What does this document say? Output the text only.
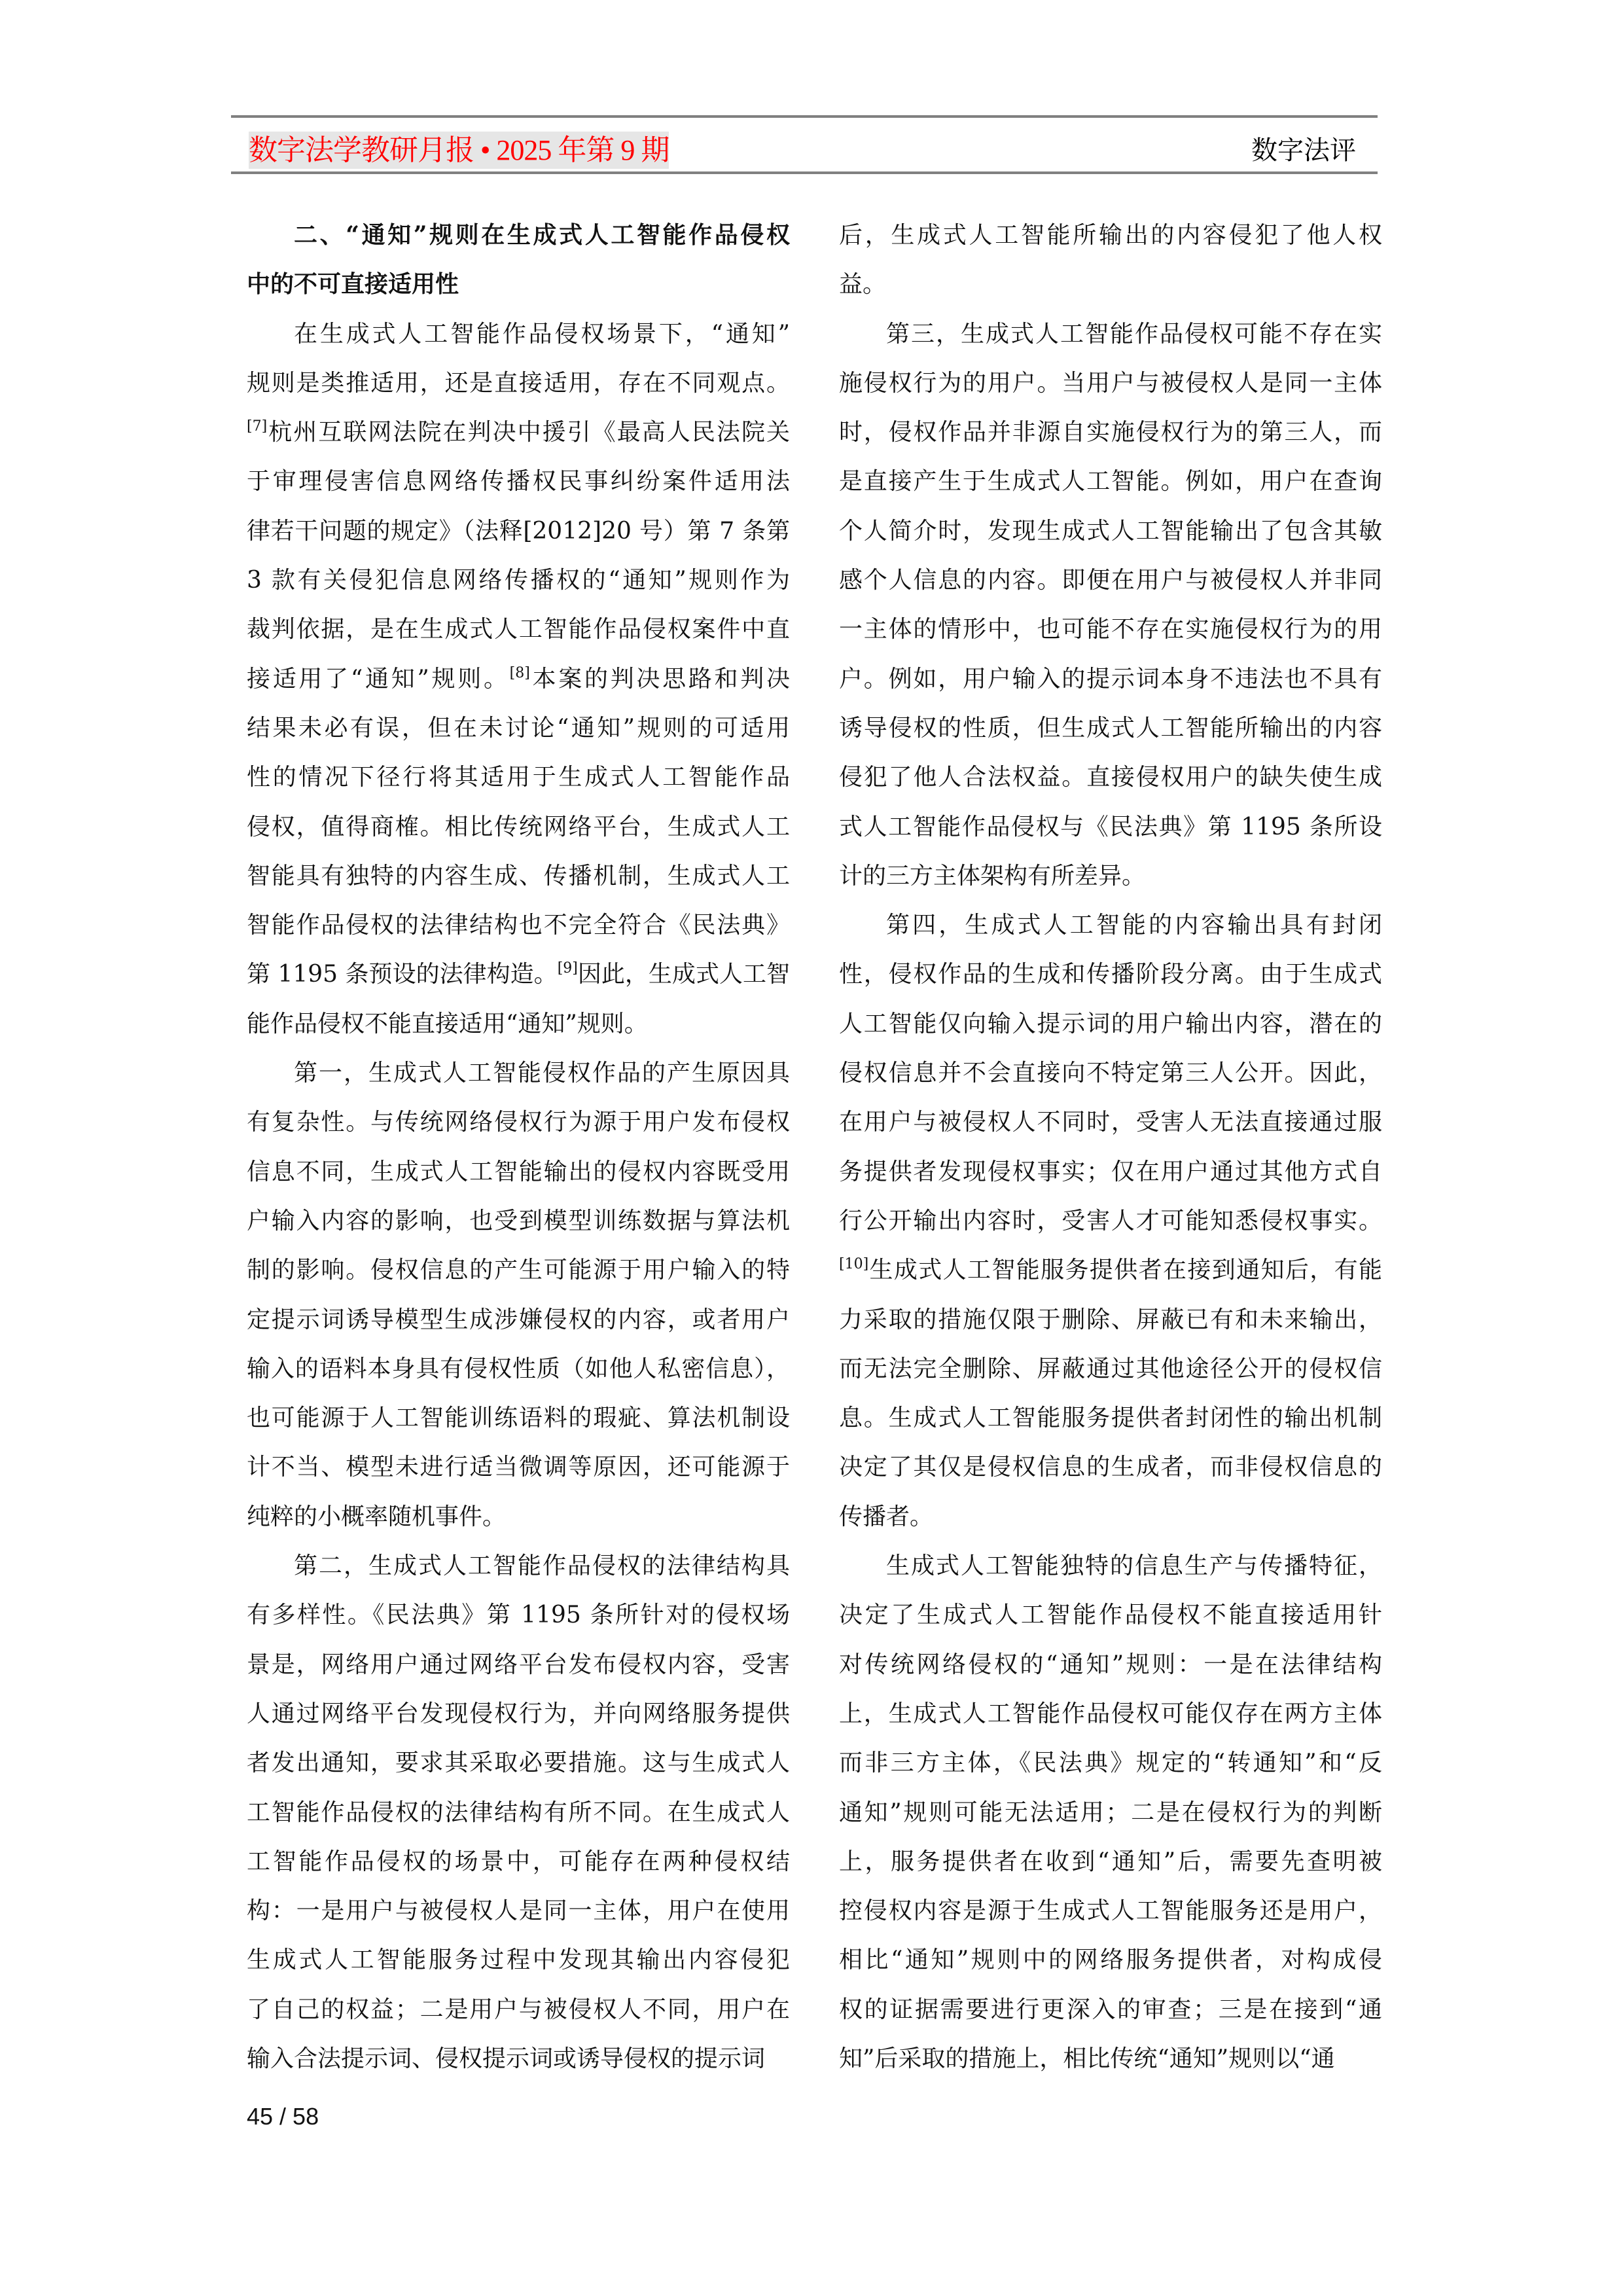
数字法学教研月报 • 2025 年第 9 期	数字法评
二、“通知”规则在生成式人工智能作品侵权
中的不可直接适用性
在生成式人工智能作品侵权场景下，“通知”
规则是类推适用，还是直接适用，存在不同观点。
[7]杭州互联网法院在判决中援引《最高人民法院关
于审理侵害信息网络传播权民事纠纷案件适用法
律若干问题的规定》（法释[2012]20 号）第 7 条第
3 款有关侵犯信息网络传播权的“通知”规则作为
裁判依据，是在生成式人工智能作品侵权案件中直
接适用了“通知”规则。[8]本案的判决思路和判决
结果未必有误，但在未讨论“通知”规则的可适用
性的情况下径行将其适用于生成式人工智能作品
侵权，值得商榷。相比传统网络平台，生成式人工
智能具有独特的内容生成、传播机制，生成式人工
智能作品侵权的法律结构也不完全符合《民法典》
第 1195 条预设的法律构造。[9]因此，生成式人工智
能作品侵权不能直接适用“通知”规则。
第一，生成式人工智能侵权作品的产生原因具
有复杂性。与传统网络侵权行为源于用户发布侵权
信息不同，生成式人工智能输出的侵权内容既受用
户输入内容的影响，也受到模型训练数据与算法机
制的影响。侵权信息的产生可能源于用户输入的特
定提示词诱导模型生成涉嫌侵权的内容，或者用户
输入的语料本身具有侵权性质（如他人私密信息），
也可能源于人工智能训练语料的瑕疵、算法机制设
计不当、模型未进行适当微调等原因，还可能源于
纯粹的小概率随机事件。
第二，生成式人工智能作品侵权的法律结构具
有多样性。《民法典》第 1195 条所针对的侵权场
景是，网络用户通过网络平台发布侵权内容，受害
人通过网络平台发现侵权行为，并向网络服务提供
者发出通知，要求其采取必要措施。这与生成式人
工智能作品侵权的法律结构有所不同。在生成式人
工智能作品侵权的场景中，可能存在两种侵权结
构：一是用户与被侵权人是同一主体，用户在使用
生成式人工智能服务过程中发现其输出内容侵犯
了自己的权益；二是用户与被侵权人不同，用户在
输入合法提示词、侵权提示词或诱导侵权的提示词
后，生成式人工智能所输出的内容侵犯了他人权
益。
第三，生成式人工智能作品侵权可能不存在实
施侵权行为的用户。当用户与被侵权人是同一主体
时，侵权作品并非源自实施侵权行为的第三人，而
是直接产生于生成式人工智能。例如，用户在查询
个人简介时，发现生成式人工智能输出了包含其敏
感个人信息的内容。即便在用户与被侵权人并非同
一主体的情形中，也可能不存在实施侵权行为的用
户。例如，用户输入的提示词本身不违法也不具有
诱导侵权的性质，但生成式人工智能所输出的内容
侵犯了他人合法权益。直接侵权用户的缺失使生成
式人工智能作品侵权与《民法典》第 1195 条所设
计的三方主体架构有所差异。
第四，生成式人工智能的内容输出具有封闭
性，侵权作品的生成和传播阶段分离。由于生成式
人工智能仅向输入提示词的用户输出内容，潜在的
侵权信息并不会直接向不特定第三人公开。因此，
在用户与被侵权人不同时，受害人无法直接通过服
务提供者发现侵权事实；仅在用户通过其他方式自
行公开输出内容时，受害人才可能知悉侵权事实。
[10]生成式人工智能服务提供者在接到通知后，有能
力采取的措施仅限于删除、屏蔽已有和未来输出，
而无法完全删除、屏蔽通过其他途径公开的侵权信
息。生成式人工智能服务提供者封闭性的输出机制
决定了其仅是侵权信息的生成者，而非侵权信息的
传播者。
生成式人工智能独特的信息生产与传播特征，
决定了生成式人工智能作品侵权不能直接适用针
对传统网络侵权的“通知”规则：一是在法律结构
上，生成式人工智能作品侵权可能仅存在两方主体
而非三方主体，《民法典》规定的“转通知”和“反
通知”规则可能无法适用；二是在侵权行为的判断
上，服务提供者在收到“通知”后，需要先查明被
控侵权内容是源于生成式人工智能服务还是用户，
相比“通知”规则中的网络服务提供者，对构成侵
权的证据需要进行更深入的审查；三是在接到“通
知”后采取的措施上，相比传统“通知”规则以“通
45 / 58
